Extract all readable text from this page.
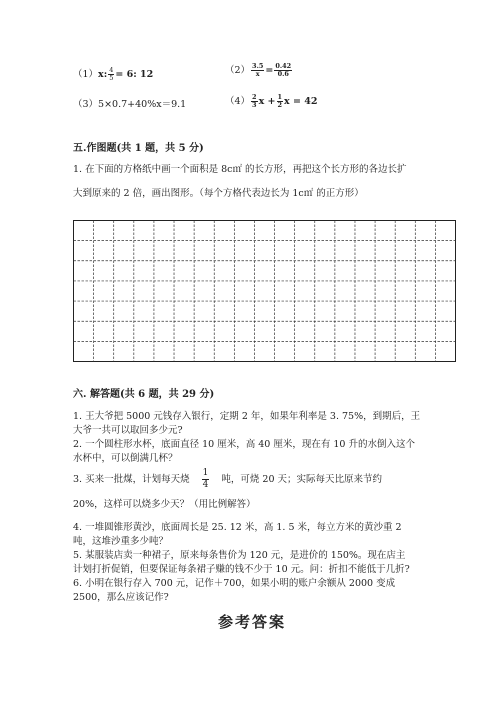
（1）x: $\frac{4}{5} = 6$: 12	$(2) \frac{3.5}{x} = \frac{0.42}{0.6}$
（3）5×0.7+40%x＝9.1	$(4) \frac{2}{3}$ $x + \frac{1}{2}$ x = 42
五.作图题(共 1 题，共 5 分)
1. 在下面的方格纸中画一个面积是 8c㎡ 的长方形，再把这个长方形的各边长扩
大到原来的 2 倍，画出图形。（每个方格代表边长为 1c㎡ 的正方形）
六. 解答题(共 6 题，共 29 分)
1. 王大爷把 5000 元钱存入银行，定期 2 年，如果年利率是 3. 75%，到期后，王
大爷一共可以取回多少元?
2. 一个圆柱形水杯，底面直径 10 厘米，高 40 厘米，现在有 10 升的水倒入这个
水杯中，可以倒满几杯？
3. 买来一批煤，计划每天烧 $\frac{1}{4}$ 吨，可烧 20 天；实际每天比原来节约
20%，这样可以烧多少天？（用比例解答）
4. 一堆圆锥形黄沙，底面周长是 25. 12 米，高 1. 5 米，每立方米的黄沙重 2
吨，这堆沙重多少吨？
5. 某服装店卖一种裙子，原来每条售价为 120 元，是进价的 150%。现在店主
计划打折促销，但要保证每条裙子赚的钱不少于 10 元。问：折扣不能低于几折?
6. 小明在银行存入 700 元，记作＋700，如果小明的账户余额从 2000 变成
2500，那么应该记作?
参考答案
